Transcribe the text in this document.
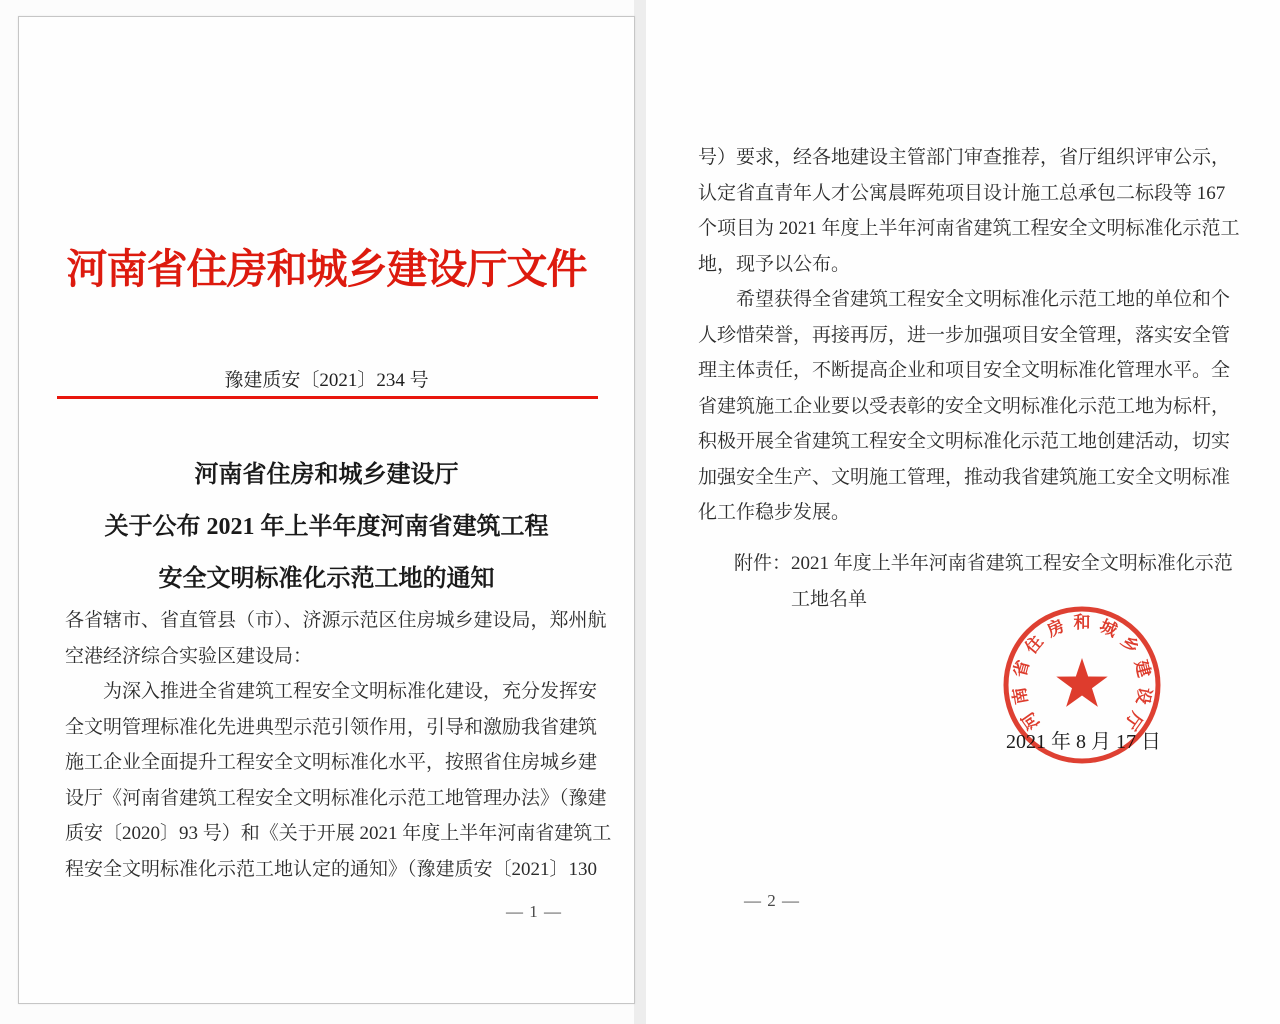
河南省住房和城乡建设厅文件
豫建质安〔2021〕234 号
河南省住房和城乡建设厅
关于公布 2021 年上半年度河南省建筑工程
安全文明标准化示范工地的通知
各省辖市、省直管县（市）、济源示范区住房城乡建设局，郑州航
空港经济综合实验区建设局：
为深入推进全省建筑工程安全文明标准化建设，充分发挥安
全文明管理标准化先进典型示范引领作用，引导和激励我省建筑
施工企业全面提升工程安全文明标准化水平，按照省住房城乡建
设厅《河南省建筑工程安全文明标准化示范工地管理办法》（豫建
质安〔2020〕93 号）和《关于开展 2021 年度上半年河南省建筑工
程安全文明标准化示范工地认定的通知》（豫建质安〔2021〕130
— 1 —
号）要求，经各地建设主管部门审查推荐，省厅组织评审公示，
认定省直青年人才公寓晨晖苑项目设计施工总承包二标段等 167
个项目为 2021 年度上半年河南省建筑工程安全文明标准化示范工
地，现予以公布。
希望获得全省建筑工程安全文明标准化示范工地的单位和个
人珍惜荣誉，再接再厉，进一步加强项目安全管理，落实安全管
理主体责任，不断提高企业和项目安全文明标准化管理水平。全
省建筑施工企业要以受表彰的安全文明标准化示范工地为标杆，
积极开展全省建筑工程安全文明标准化示范工地创建活动，切实
加强安全生产、文明施工管理，推动我省建筑施工安全文明标准
化工作稳步发展。
附件：2021 年度上半年河南省建筑工程安全文明标准化示范
工地名单
2021 年 8 月 17 日
河
南
省
住
房 和 城
乡
建
设
厅
— 2 —
